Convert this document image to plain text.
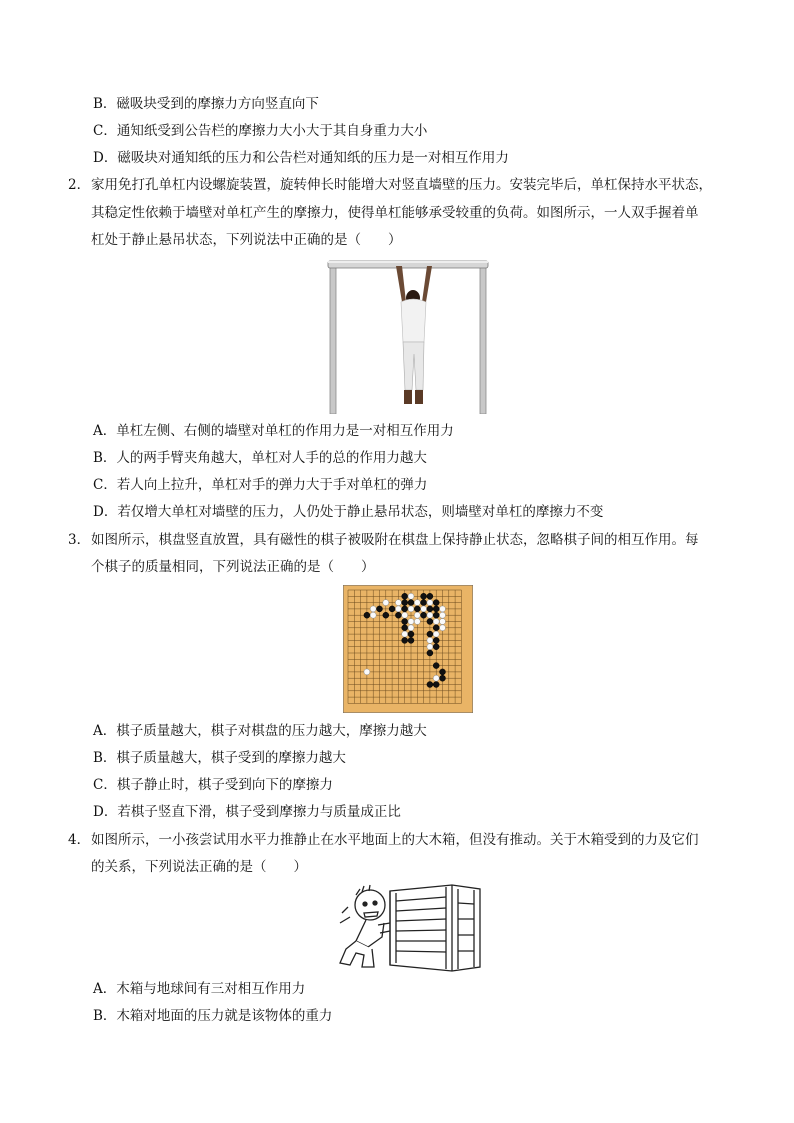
B．磁吸块受到的摩擦力方向竖直向下
C．通知纸受到公告栏的摩擦力大小大于其自身重力大小
D．磁吸块对通知纸的压力和公告栏对通知纸的压力是一对相互作用力
2． 家用免打孔单杠内设螺旋装置，旋转伸长时能增大对竖直墙壁的压力。安装完毕后，单杠保持水平状态，
其稳定性依赖于墙壁对单杠产生的摩擦力，使得单杠能够承受较重的负荷。如图所示，一人双手握着单
杠处于静止悬吊状态，下列说法中正确的是（　　）
A．单杠左侧、右侧的墙壁对单杠的作用力是一对相互作用力
B．人的两手臂夹角越大，单杠对人手的总的作用力越大
C．若人向上拉升，单杠对手的弹力大于手对单杠的弹力
D．若仅增大单杠对墙壁的压力，人仍处于静止悬吊状态，则墙壁对单杠的摩擦力不变
3． 如图所示，棋盘竖直放置，具有磁性的棋子被吸附在棋盘上保持静止状态，忽略棋子间的相互作用。每
个棋子的质量相同，下列说法正确的是（　　）
A．棋子质量越大，棋子对棋盘的压力越大，摩擦力越大
B．棋子质量越大，棋子受到的摩擦力越大
C．棋子静止时，棋子受到向下的摩擦力
D．若棋子竖直下滑，棋子受到摩擦力与质量成正比
4． 如图所示，一小孩尝试用水平力推静止在水平地面上的大木箱，但没有推动。关于木箱受到的力及它们
的关系，下列说法正确的是（　　）
A．木箱与地球间有三对相互作用力
B．木箱对地面的压力就是该物体的重力
